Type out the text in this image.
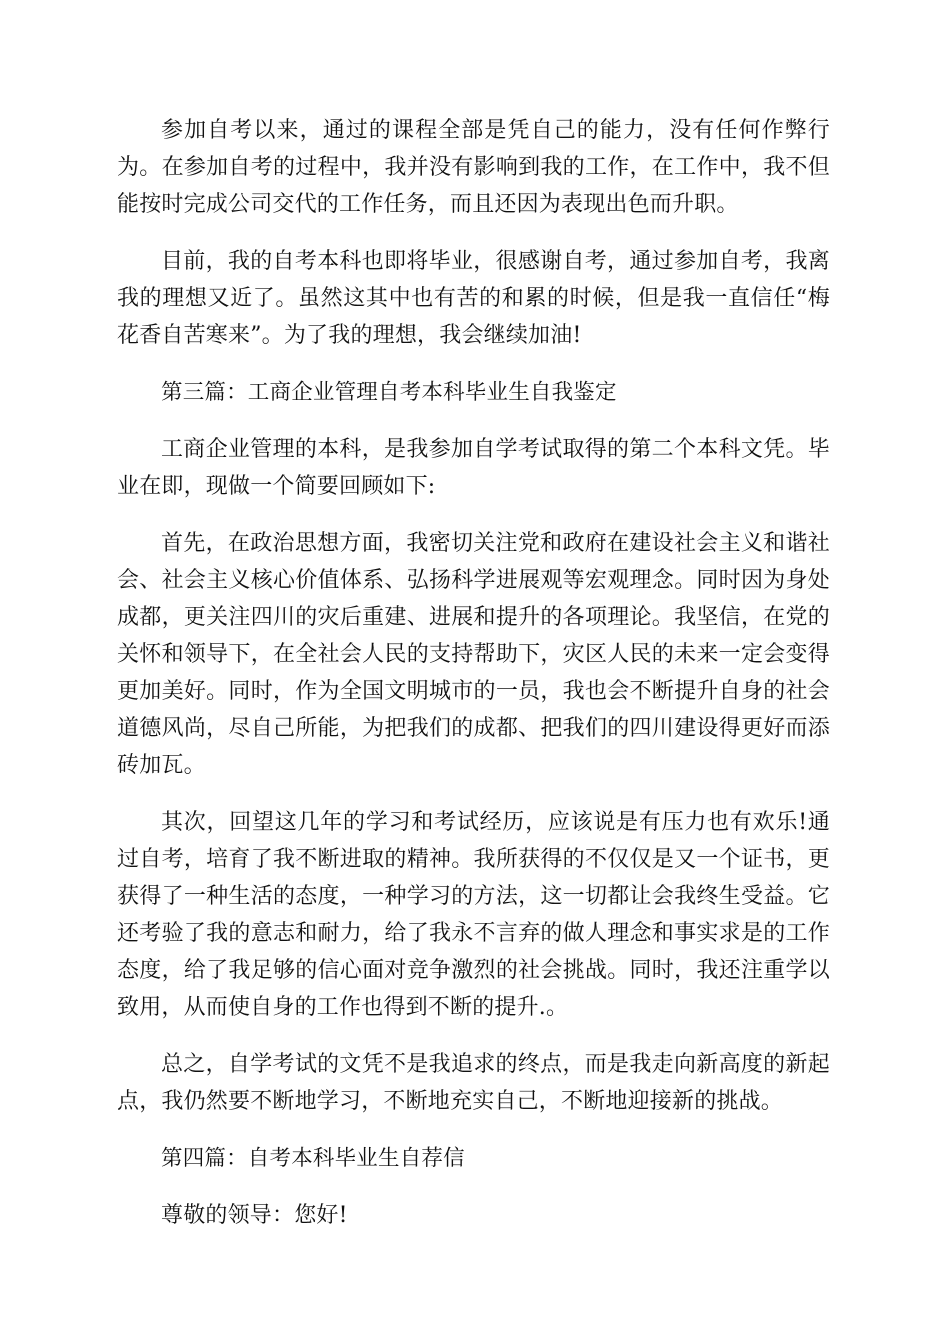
参加自考以来，通过的课程全部是凭自己的能力，没有任何作弊行为。在参加自考的过程中，我并没有影响到我的工作，在工作中，我不但能按时完成公司交代的工作任务，而且还因为表现出色而升职。

目前，我的自考本科也即将毕业，很感谢自考，通过参加自考，我离我的理想又近了。虽然这其中也有苦的和累的时候，但是我一直信任“梅花香自苦寒来”。为了我的理想，我会继续加油!

第三篇：工商企业管理自考本科毕业生自我鉴定

工商企业管理的本科，是我参加自学考试取得的第二个本科文凭。毕业在即，现做一个简要回顾如下:

首先，在政治思想方面，我密切关注党和政府在建设社会主义和谐社会、社会主义核心价值体系、弘扬科学进展观等宏观理念。同时因为身处成都，更关注四川的灾后重建、进展和提升的各项理论。我坚信，在党的关怀和领导下，在全社会人民的支持帮助下，灾区人民的未来一定会变得更加美好。同时，作为全国文明城市的一员，我也会不断提升自身的社会道德风尚，尽自己所能，为把我们的成都、把我们的四川建设得更好而添砖加瓦。

其次，回望这几年的学习和考试经历，应该说是有压力也有欢乐!通过自考，培育了我不断进取的精神。我所获得的不仅仅是又一个证书，更获得了一种生活的态度，一种学习的方法，这一切都让会我终生受益。它还考验了我的意志和耐力，给了我永不言弃的做人理念和事实求是的工作态度，给了我足够的信心面对竞争激烈的社会挑战。同时，我还注重学以致用，从而使自身的工作也得到不断的提升.。

总之，自学考试的文凭不是我追求的终点，而是我走向新高度的新起点，我仍然要不断地学习，不断地充实自己，不断地迎接新的挑战。

第四篇：自考本科毕业生自荐信

尊敬的领导：您好!
